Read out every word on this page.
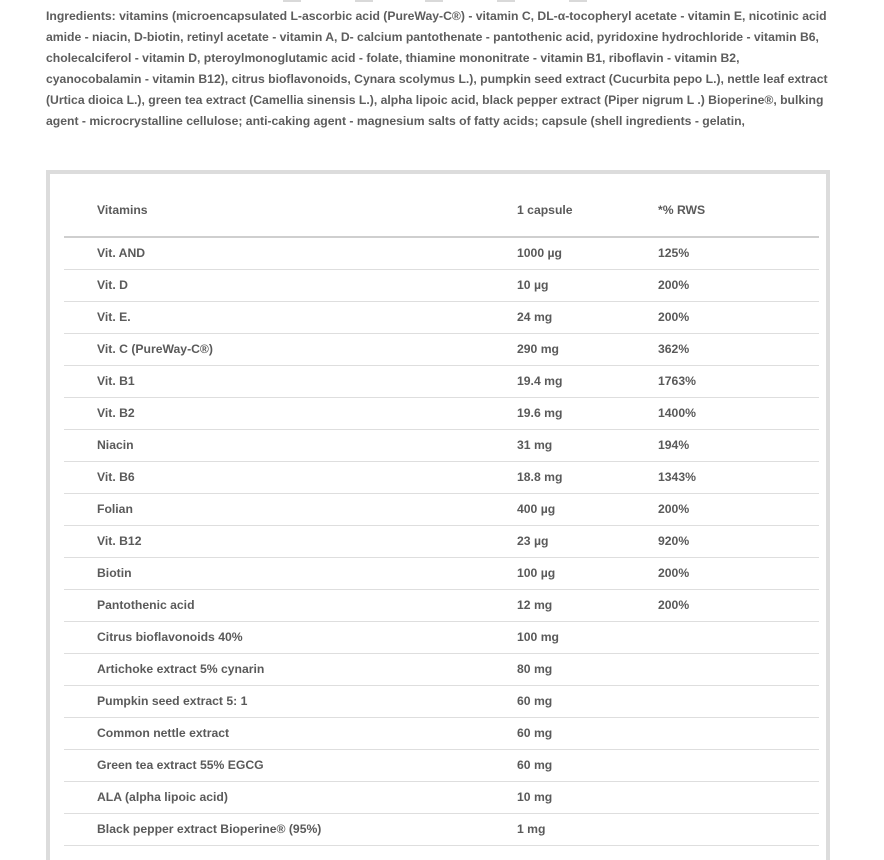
Ingredients: vitamins (microencapsulated L-ascorbic acid (PureWay-C®) - vitamin C, DL-α-tocopheryl acetate - vitamin E, nicotinic acid amide - niacin, D-biotin, retinyl acetate - vitamin A, D- calcium pantothenate - pantothenic acid, pyridoxine hydrochloride - vitamin B6, cholecalciferol - vitamin D, pteroylmonoglutamic acid - folate, thiamine mononitrate - vitamin B1, riboflavin - vitamin B2, cyanocobalamin - vitamin B12), citrus bioflavonoids, Cynara scolymus L.), pumpkin seed extract (Cucurbita pepo L.), nettle leaf extract (Urtica dioica L.), green tea extract (Camellia sinensis L.), alpha lipoic acid, black pepper extract (Piper nigrum L .) Bioperine®, bulking agent - microcrystalline cellulose; anti-caking agent - magnesium salts of fatty acids; capsule (shell ingredients - gelatin,
Vitamins	1 capsule	*% RWS
Vit. AND	1000 µg	125%
Vit. D	10 µg	200%
Vit. E.	24 mg	200%
Vit. C (PureWay-C®)	290 mg	362%
Vit. B1	19.4 mg	1763%
Vit. B2	19.6 mg	1400%
Niacin	31 mg	194%
Vit. B6	18.8 mg	1343%
Folian	400 µg	200%
Vit. B12	23 µg	920%
Biotin	100 µg	200%
Pantothenic acid	12 mg	200%
Citrus bioflavonoids 40%	100 mg	
Artichoke extract 5% cynarin	80 mg	
Pumpkin seed extract 5: 1	60 mg	
Common nettle extract	60 mg	
Green tea extract 55% EGCG	60 mg	
ALA (alpha lipoic acid)	10 mg	
Black pepper extract Bioperine® (95%)	1 mg	
